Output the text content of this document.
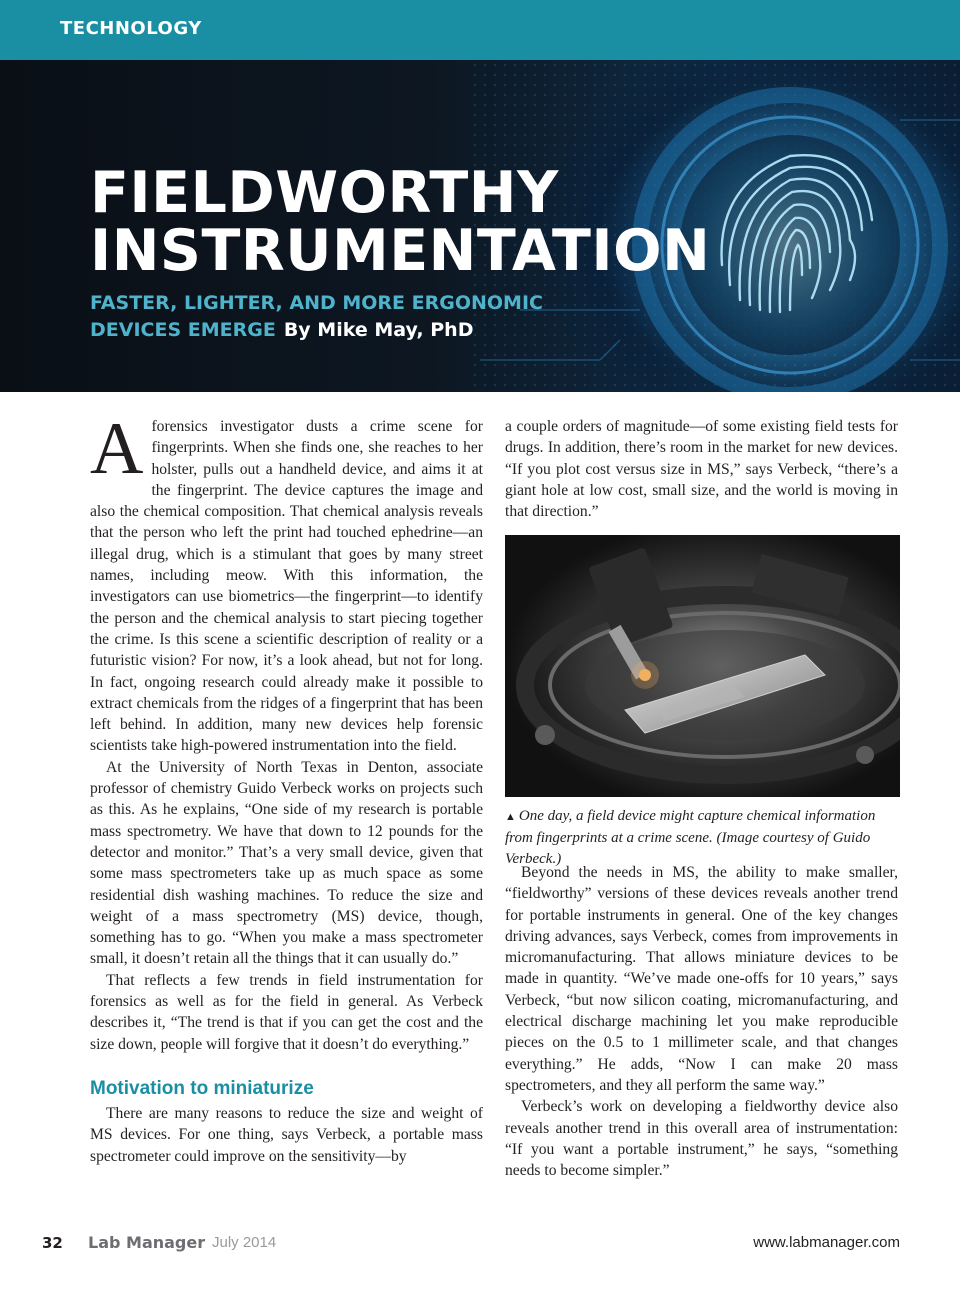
TECHNOLOGY
FIELDWORTHY
INSTRUMENTATION
FASTER, LIGHTER, AND MORE ERGONOMIC
DEVICES EMERGE By Mike May, PhD

Aforensics investigator dusts a crime scene for fingerprints. When she finds one, she reaches to her holster, pulls out a handheld device, and aims it at the fingerprint. The device captures the image and also the chemical composition. That chemical analysis reveals that the person who left the print had touched ephedrine—an illegal drug, which is a stimulant that goes by many street names, including meow. With this information, the investigators can use biometrics—the fingerprint—to identify the person and the chemical analysis to start piecing together the crime. Is this scene a scientific description of reality or a futuristic vision? For now, it’s a look ahead, but not for long. In fact, ongoing research could already make it possible to extract chemicals from the ridges of a fingerprint that has been left behind. In addition, many new devices help forensic scientists take high-powered instrumentation into the field.

At the University of North Texas in Denton, associate professor of chemistry Guido Verbeck works on projects such as this. As he explains, “One side of my research is portable mass spectrometry. We have that down to 12 pounds for the detector and monitor.” That’s a very small device, given that some mass spectrometers take up as much space as some residential dish washing machines. To reduce the size and weight of a mass spectrometry (MS) device, though, something has to go. “When you make a mass spectrometer small, it doesn’t retain all the things that it can usually do.”

That reflects a few trends in field instrumentation for forensics as well as for the field in general. As Verbeck describes it, “The trend is that if you can get the cost and the size down, people will forgive that it doesn’t do everything.”

Motivation to miniaturize

There are many reasons to reduce the size and weight of MS devices. For one thing, says Verbeck, a portable mass spectrometer could improve on the sensitivity—by

a couple orders of magnitude—of some existing field tests for drugs. In addition, there’s room in the market for new devices. “If you plot cost versus size in MS,” says Verbeck, “there’s a giant hole at low cost, small size, and the world is moving in that direction.”

▲ One day, a field device might capture chemical information from fingerprints at a crime scene. (Image courtesy of Guido Verbeck.)

Beyond the needs in MS, the ability to make smaller, “fieldworthy” versions of these devices reveals another trend for portable instruments in general. One of the key changes driving advances, says Verbeck, comes from improvements in micromanufacturing. That allows miniature devices to be made in quantity. “We’ve made one-offs for 10 years,” says Verbeck, “but now silicon coating, micromanufacturing, and electrical discharge machining let you make reproducible pieces on the 0.5 to 1 millimeter scale, and that changes everything.” He adds, “Now I can make 20 mass spectrometers, and they all perform the same way.”

Verbeck’s work on developing a fieldworthy device also reveals another trend in this overall area of instrumentation: “If you want a portable instrument,” he says, “something needs to become simpler.”

32 Lab Manager July 2014	www.labmanager.com
